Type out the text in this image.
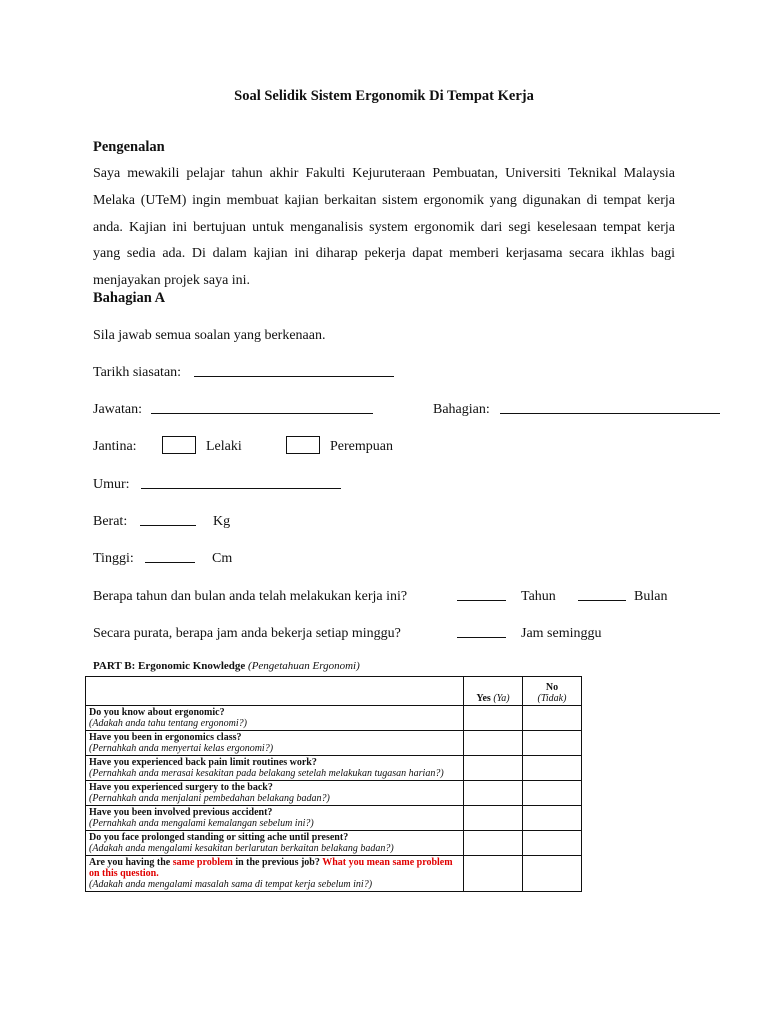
Soal Selidik Sistem Ergonomik Di Tempat Kerja
Pengenalan
Saya mewakili pelajar tahun akhir Fakulti Kejuruteraan Pembuatan, Universiti Teknikal Malaysia Melaka (UTeM) ingin membuat kajian berkaitan sistem ergonomik yang digunakan di tempat kerja anda. Kajian ini bertujuan untuk menganalisis system ergonomik dari segi keselesaan tempat kerja yang sedia ada. Di dalam kajian ini diharap pekerja dapat memberi kerjasama secara ikhlas bagi menjayakan projek saya ini.
Bahagian A
Sila jawab semua soalan yang berkenaan.
Tarikh siasatan:
Jawatan:	Bahagian:
Jantina:	Lelaki	Perempuan
Umur:
Berat:	Kg
Tinggi:	Cm
Berapa tahun dan bulan anda telah melakukan kerja ini?	Tahun	Bulan
Secara purata, berapa jam anda bekerja setiap minggu?	Jam seminggu
PART B: Ergonomic Knowledge (Pengetahuan Ergonomi)
	Yes (Ya)	No
(Tidak)

Do you know about ergonomic?
(Adakah anda tahu tentang ergonomi?)		

Have you been in ergonomics class?
(Pernahkah anda menyertai kelas ergonomi?)		

Have you experienced back pain limit routines work?
(Pernahkah anda merasai kesakitan pada belakang setelah melakukan tugasan harian?)		

Have you experienced surgery to the back?
(Pernahkah anda menjalani pembedahan belakang badan?)		

Have you been involved previous accident?
(Pernahkah anda mengalami kemalangan sebelum ini?)		

Do you face prolonged standing or sitting ache until present?
(Adakah anda mengalami kesakitan berlarutan berkaitan belakang badan?)		

Are you having the same problem in the previous job? What you mean same problem on this question.
(Adakah anda mengalami masalah sama di tempat kerja sebelum ini?)		
